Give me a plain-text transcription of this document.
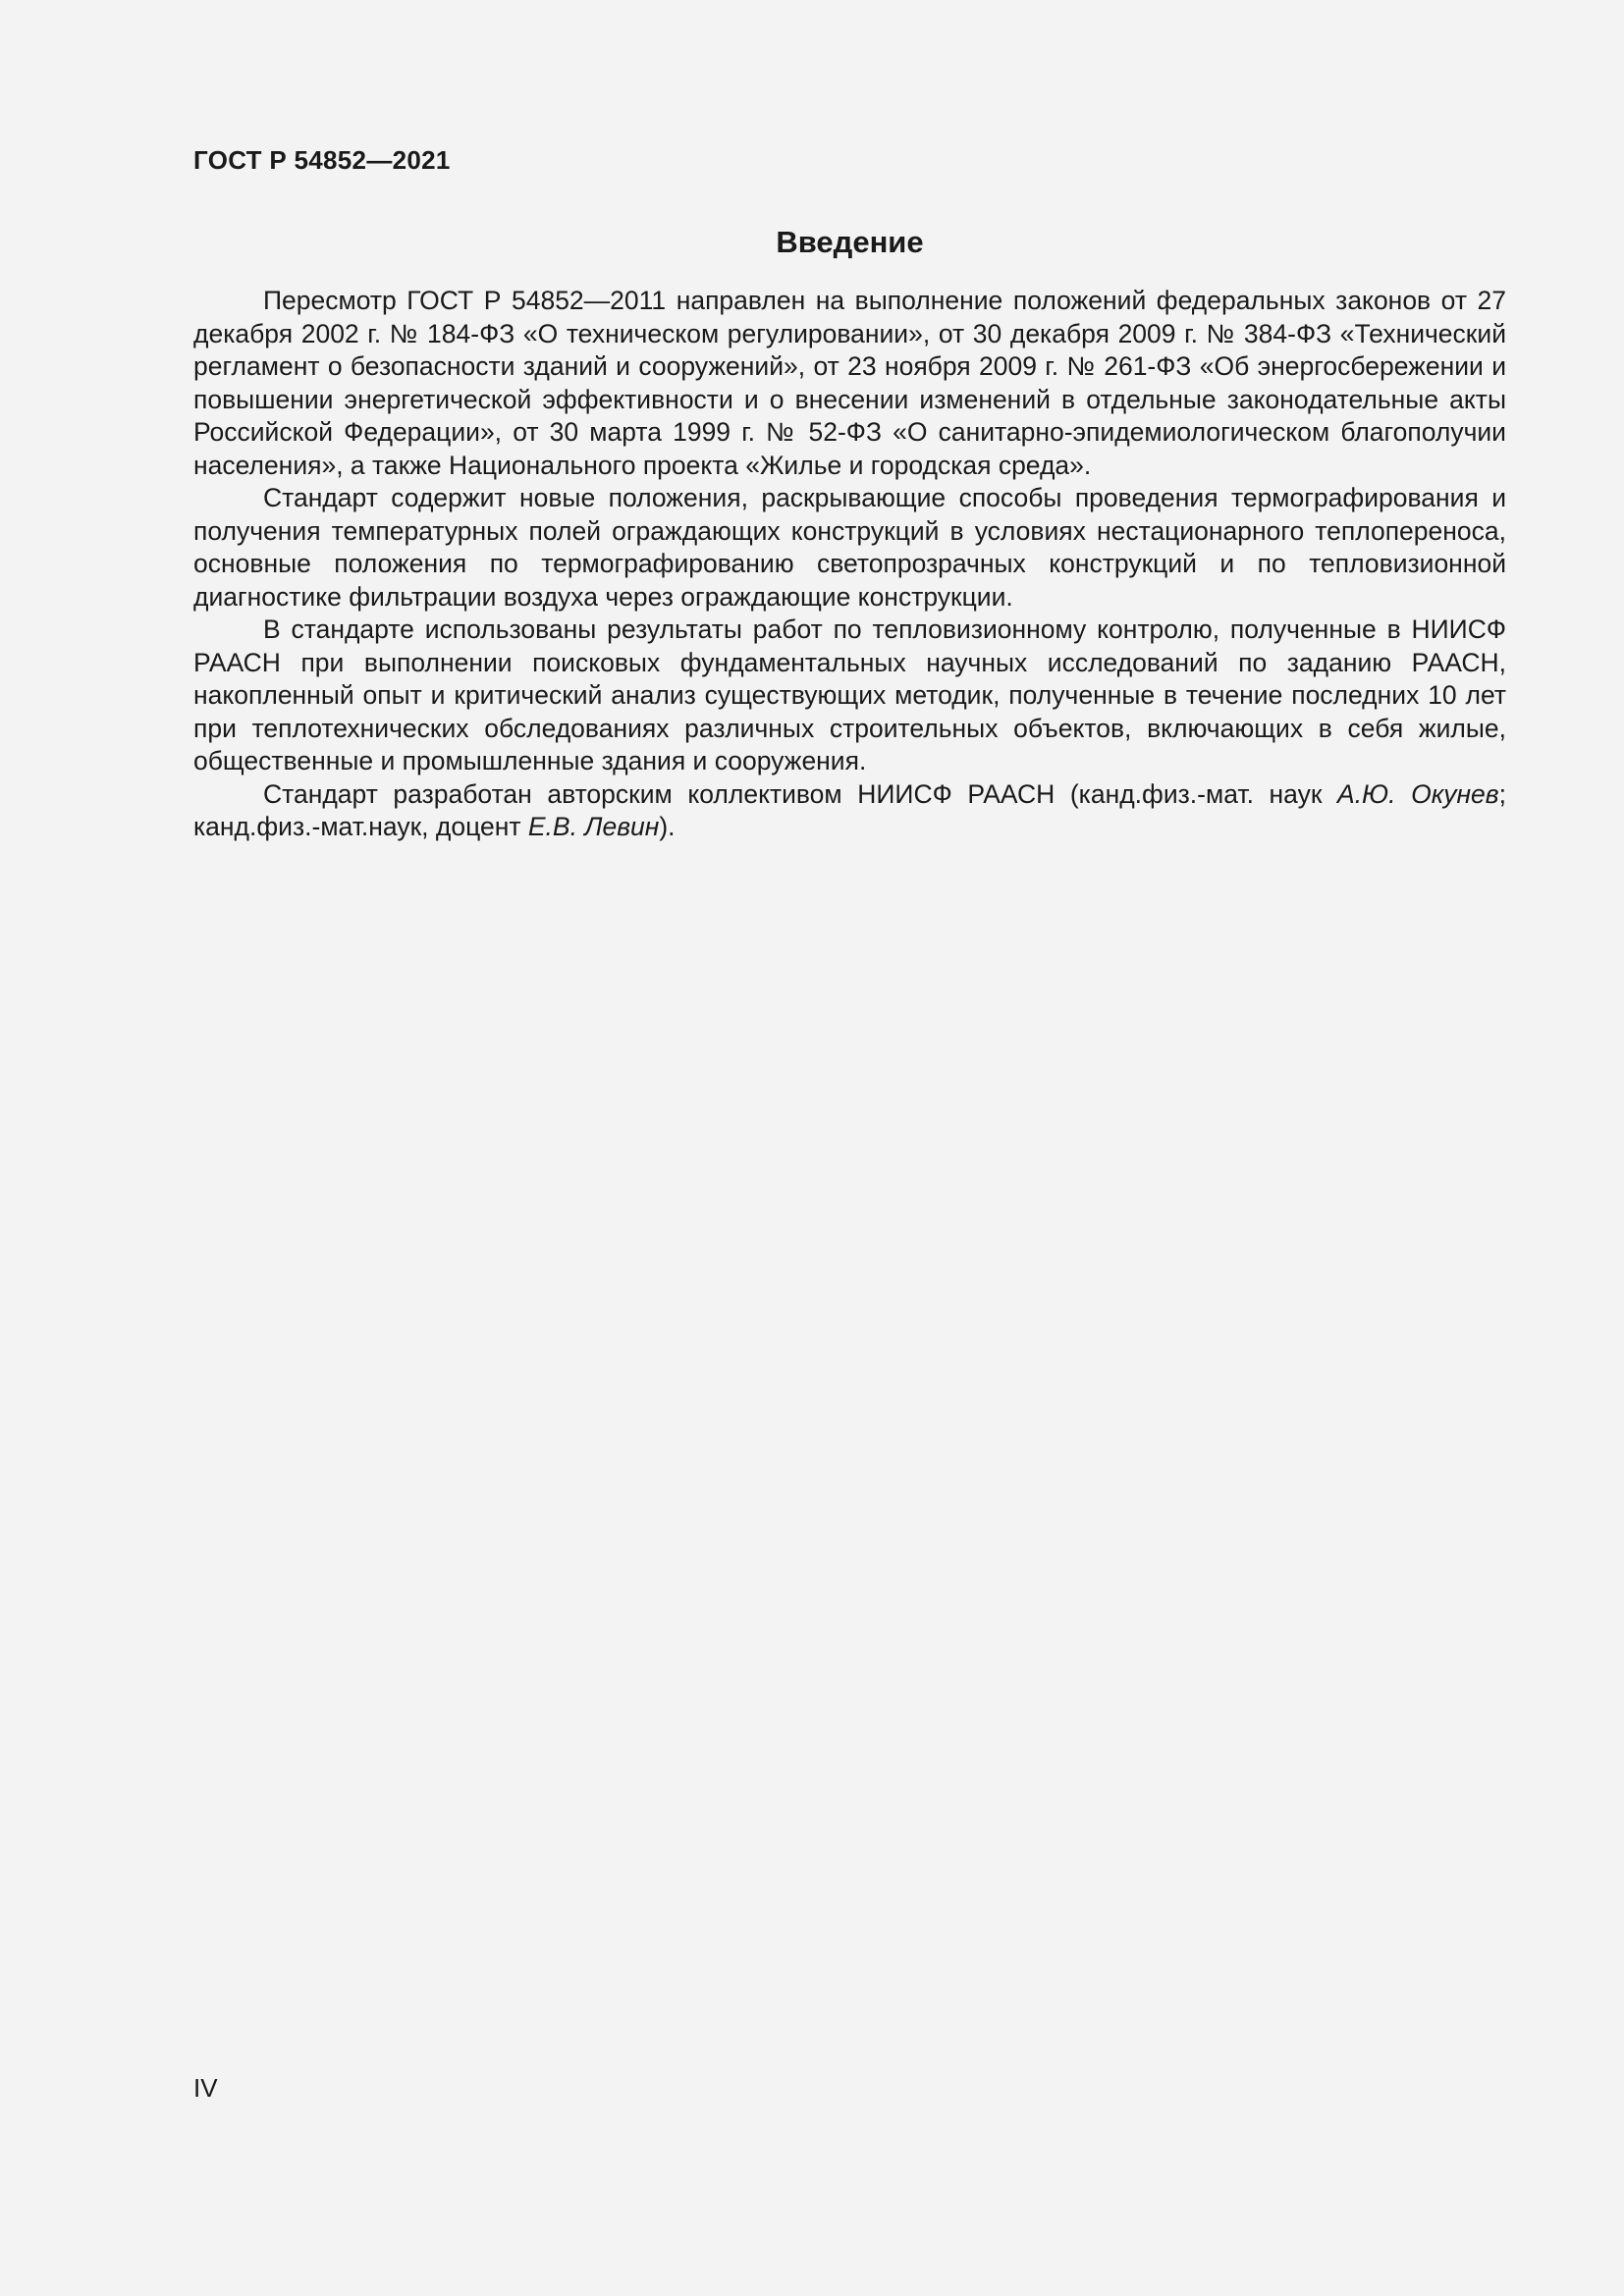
ГОСТ Р 54852—2021
Введение

Пересмотр ГОСТ Р 54852—2011 направлен на выполнение положений федеральных законов от 27 декабря 2002 г. № 184-ФЗ «О техническом регулировании», от 30 декабря 2009 г. № 384-ФЗ «Технический регламент о безопасности зданий и сооружений», от 23 ноября 2009 г. № 261-ФЗ «Об энергосбережении и повышении энергетической эффективности и о внесении изменений в отдельные законодательные акты Российской Федерации», от 30 марта 1999 г. № 52-ФЗ «О санитарно-эпидемиологическом благополучии населения», а также Национального проекта «Жилье и городская среда».

Стандарт содержит новые положения, раскрывающие способы проведения термографирования и получения температурных полей ограждающих конструкций в условиях нестационарного теплопереноса, основные положения по термографированию светопрозрачных конструкций и по тепловизионной диагностике фильтрации воздуха через ограждающие конструкции.

В стандарте использованы результаты работ по тепловизионному контролю, полученные в НИИСФ РААСН при выполнении поисковых фундаментальных научных исследований по заданию РААСН, накопленный опыт и критический анализ существующих методик, полученные в течение последних 10 лет при теплотехнических обследованиях различных строительных объектов, включающих в себя жилые, общественные и промышленные здания и сооружения.

Стандарт разработан авторским коллективом НИИСФ РААСН (канд.физ.-мат. наук А.Ю. Окунев; канд.физ.-мат.наук, доцент Е.В. Левин).

IV
